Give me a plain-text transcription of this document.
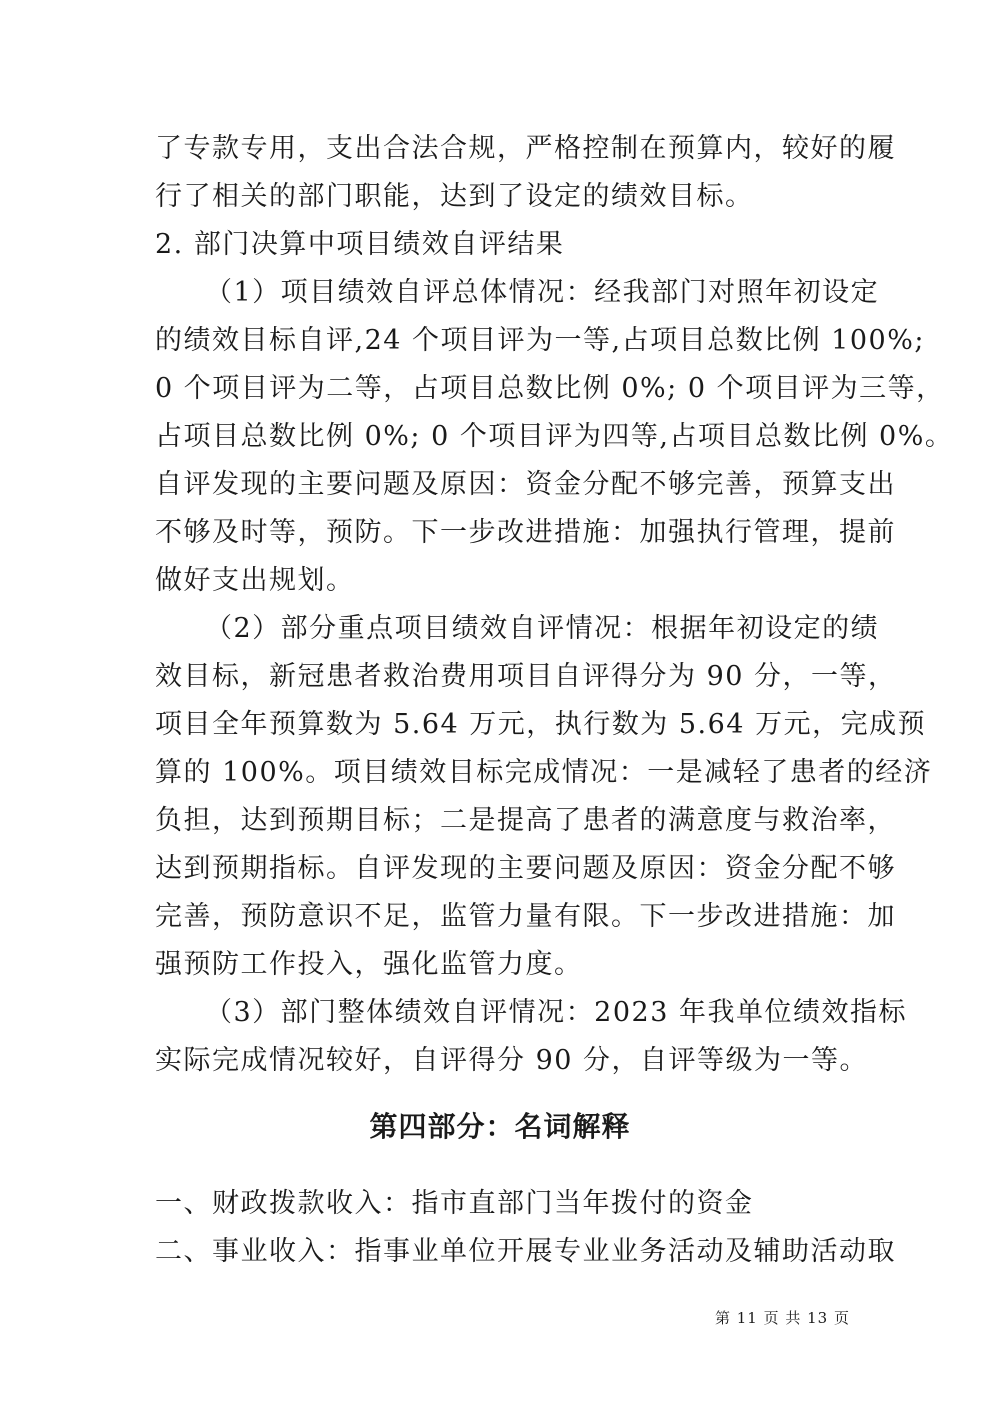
了专款专用，支出合法合规，严格控制在预算内，较好的履
行了相关的部门职能，达到了设定的绩效目标。
2. 部门决算中项目绩效自评结果
（1）项目绩效自评总体情况：经我部门对照年初设定
的绩效目标自评,24 个项目评为一等,占项目总数比例 100%;
0 个项目评为二等，占项目总数比例 0%; 0 个项目评为三等，
占项目总数比例 0%; 0 个项目评为四等,占项目总数比例 0%。
自评发现的主要问题及原因：资金分配不够完善，预算支出
不够及时等，预防。下一步改进措施：加强执行管理，提前
做好支出规划。
（2）部分重点项目绩效自评情况：根据年初设定的绩
效目标，新冠患者救治费用项目自评得分为 90 分，一等，
项目全年预算数为 5.64 万元，执行数为 5.64 万元，完成预
算的 100%。项目绩效目标完成情况：一是减轻了患者的经济
负担，达到预期目标；二是提高了患者的满意度与救治率，
达到预期指标。自评发现的主要问题及原因：资金分配不够
完善，预防意识不足，监管力量有限。下一步改进措施：加
强预防工作投入，强化监管力度。
（3）部门整体绩效自评情况：2023 年我单位绩效指标
实际完成情况较好，自评得分 90 分，自评等级为一等。
第四部分：名词解释
一、财政拨款收入：指市直部门当年拨付的资金
二、事业收入：指事业单位开展专业业务活动及辅助活动取
第 11 页 共 13 页
